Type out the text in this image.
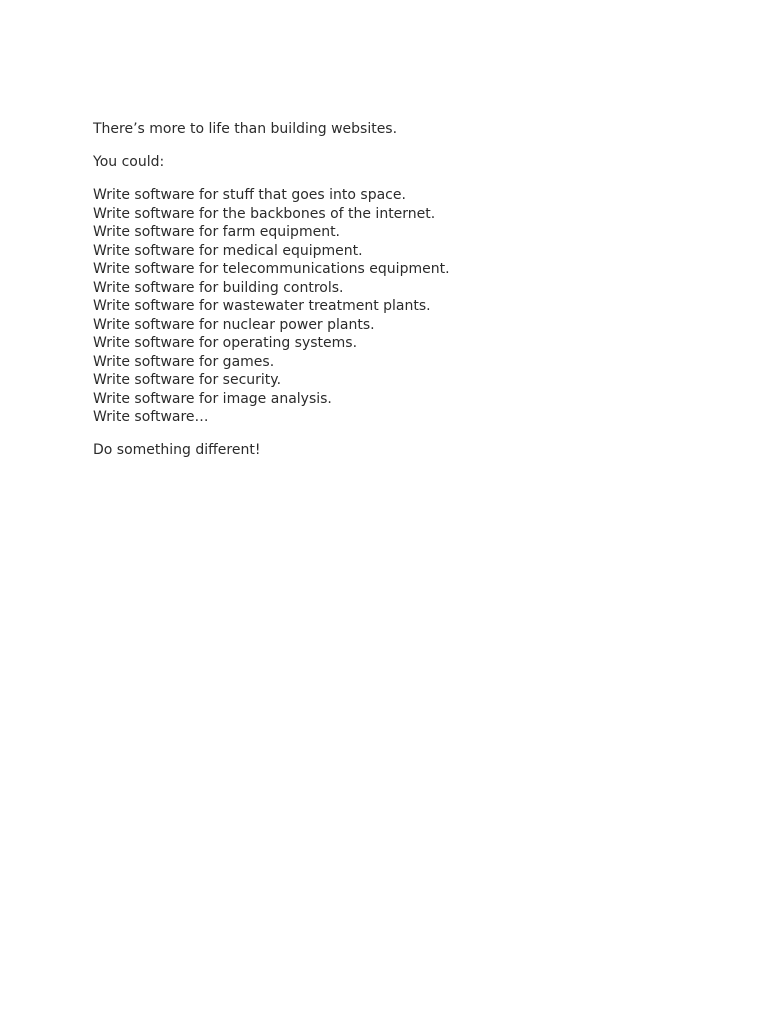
There’s more to life than building websites.

You could:

Write software for stuff that goes into space.
Write software for the backbones of the internet.
Write software for farm equipment.
Write software for medical equipment.
Write software for telecommunications equipment.
Write software for building controls.
Write software for wastewater treatment plants.
Write software for nuclear power plants.
Write software for operating systems.
Write software for games.
Write software for security.
Write software for image analysis.
Write software…

Do something different!
